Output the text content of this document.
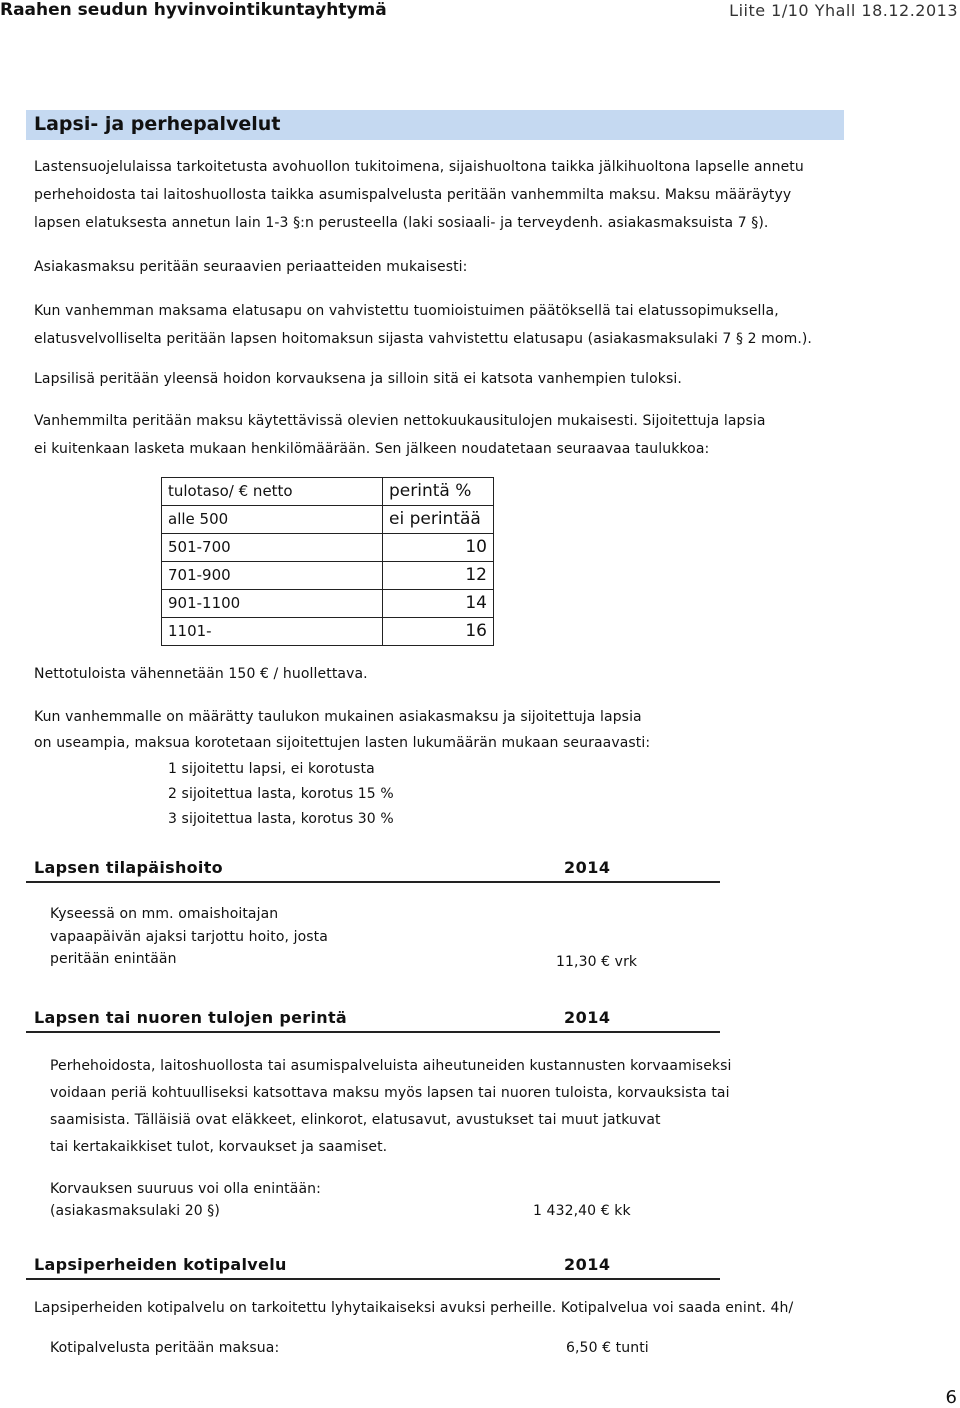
Raahen seudun hyvinvointikuntayhtymä	Liite 1/10 Yhall 18.12.2013
Lapsi- ja perhepalvelut
Lastensuojelulaissa tarkoitetusta avohuollon tukitoimena, sijaishuoltona taikka jälkihuoltona lapselle annetu
perhehoidosta tai laitoshuollosta taikka asumispalvelusta peritään vanhemmilta maksu. Maksu määräytyy
lapsen elatuksesta annetun lain 1-3 §:n perusteella (laki sosiaali- ja terveydenh. asiakasmaksuista 7 §).
Asiakasmaksu peritään seuraavien periaatteiden mukaisesti:
Kun vanhemman maksama elatusapu on vahvistettu tuomioistuimen päätöksellä tai elatussopimuksella,
elatusvelvolliselta peritään lapsen hoitomaksun sijasta vahvistettu elatusapu (asiakasmaksulaki 7 § 2 mom.).
Lapsilisä peritään yleensä hoidon korvauksena ja silloin sitä ei katsota vanhempien tuloksi.
Vanhemmilta peritään maksu käytettävissä olevien nettokuukausitulojen mukaisesti. Sijoitettuja lapsia
ei kuitenkaan lasketa mukaan henkilömäärään. Sen jälkeen noudatetaan seuraavaa taulukkoa:
tulotaso/ € netto	perintä %
alle 500	ei perintää
501-700	10
701-900	12
901-1100	14
1101-	16
Nettotuloista vähennetään 150 € / huollettava.
Kun vanhemmalle on määrätty taulukon mukainen asiakasmaksu ja sijoitettuja lapsia
on useampia, maksua korotetaan sijoitettujen lasten lukumäärän mukaan seuraavasti:
1 sijoitettu lapsi, ei korotusta
2 sijoitettua lasta, korotus 15 %
3 sijoitettua lasta, korotus 30 %
Lapsen tilapäishoito	2014
Kyseessä on mm. omaishoitajan
vapaapäivän ajaksi tarjottu hoito, josta
peritään enintään	11,30 € vrk
Lapsen tai nuoren tulojen perintä	2014
Perhehoidosta, laitoshuollosta tai asumispalveluista aiheutuneiden kustannusten korvaamiseksi
voidaan periä kohtuulliseksi katsottava maksu myös lapsen tai nuoren tuloista, korvauksista tai
saamisista. Tälläisiä ovat eläkkeet, elinkorot, elatusavut, avustukset tai muut jatkuvat
tai kertakaikkiset tulot, korvaukset ja saamiset.
Korvauksen suuruus voi olla enintään:
(asiakasmaksulaki 20 §)	1 432,40 € kk
Lapsiperheiden kotipalvelu	2014
Lapsiperheiden kotipalvelu on tarkoitettu lyhytaikaiseksi avuksi perheille. Kotipalvelua voi saada enint. 4h/
Kotipalvelusta peritään maksua:	6,50 € tunti
6
